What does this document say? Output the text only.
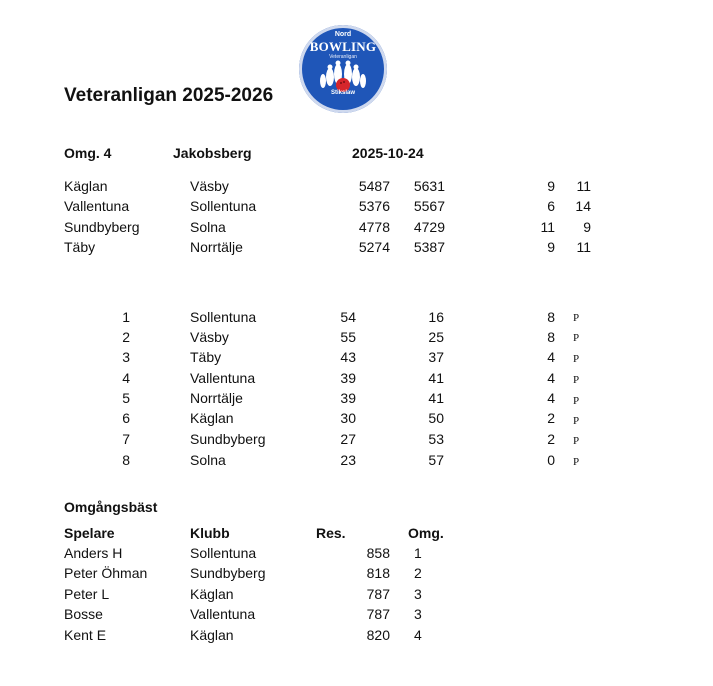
Nord
BOWLING
Veteranligan
Stikslaw
Veteranligan 2025-2026
Omg. 4	Jakobsberg	2025-10-24
Käglan	Väsby	5487	5631	9	11
Vallentuna	Sollentuna	5376	5567	6	14
Sundbyberg	Solna	4778	4729	11	9
Täby	Norrtälje	5274	5387	9	11
1	Sollentuna	54	16	8 P
2	Väsby	55	25	8 P
3	Täby	43	37	4 P
4	Vallentuna	39	41	4 P
5	Norrtälje	39	41	4 P
6	Käglan	30	50	2 P
7	Sundbyberg	27	53	2 P
8	Solna	23	57	0 P
Omgångsbäst
Spelare	Klubb	Res.	Omg.
Anders H	Sollentuna	858 1
Peter Öhman	Sundbyberg	818 2
Peter L	Käglan	787 3
Bosse	Vallentuna	787 3
Kent E	Käglan	820 4
